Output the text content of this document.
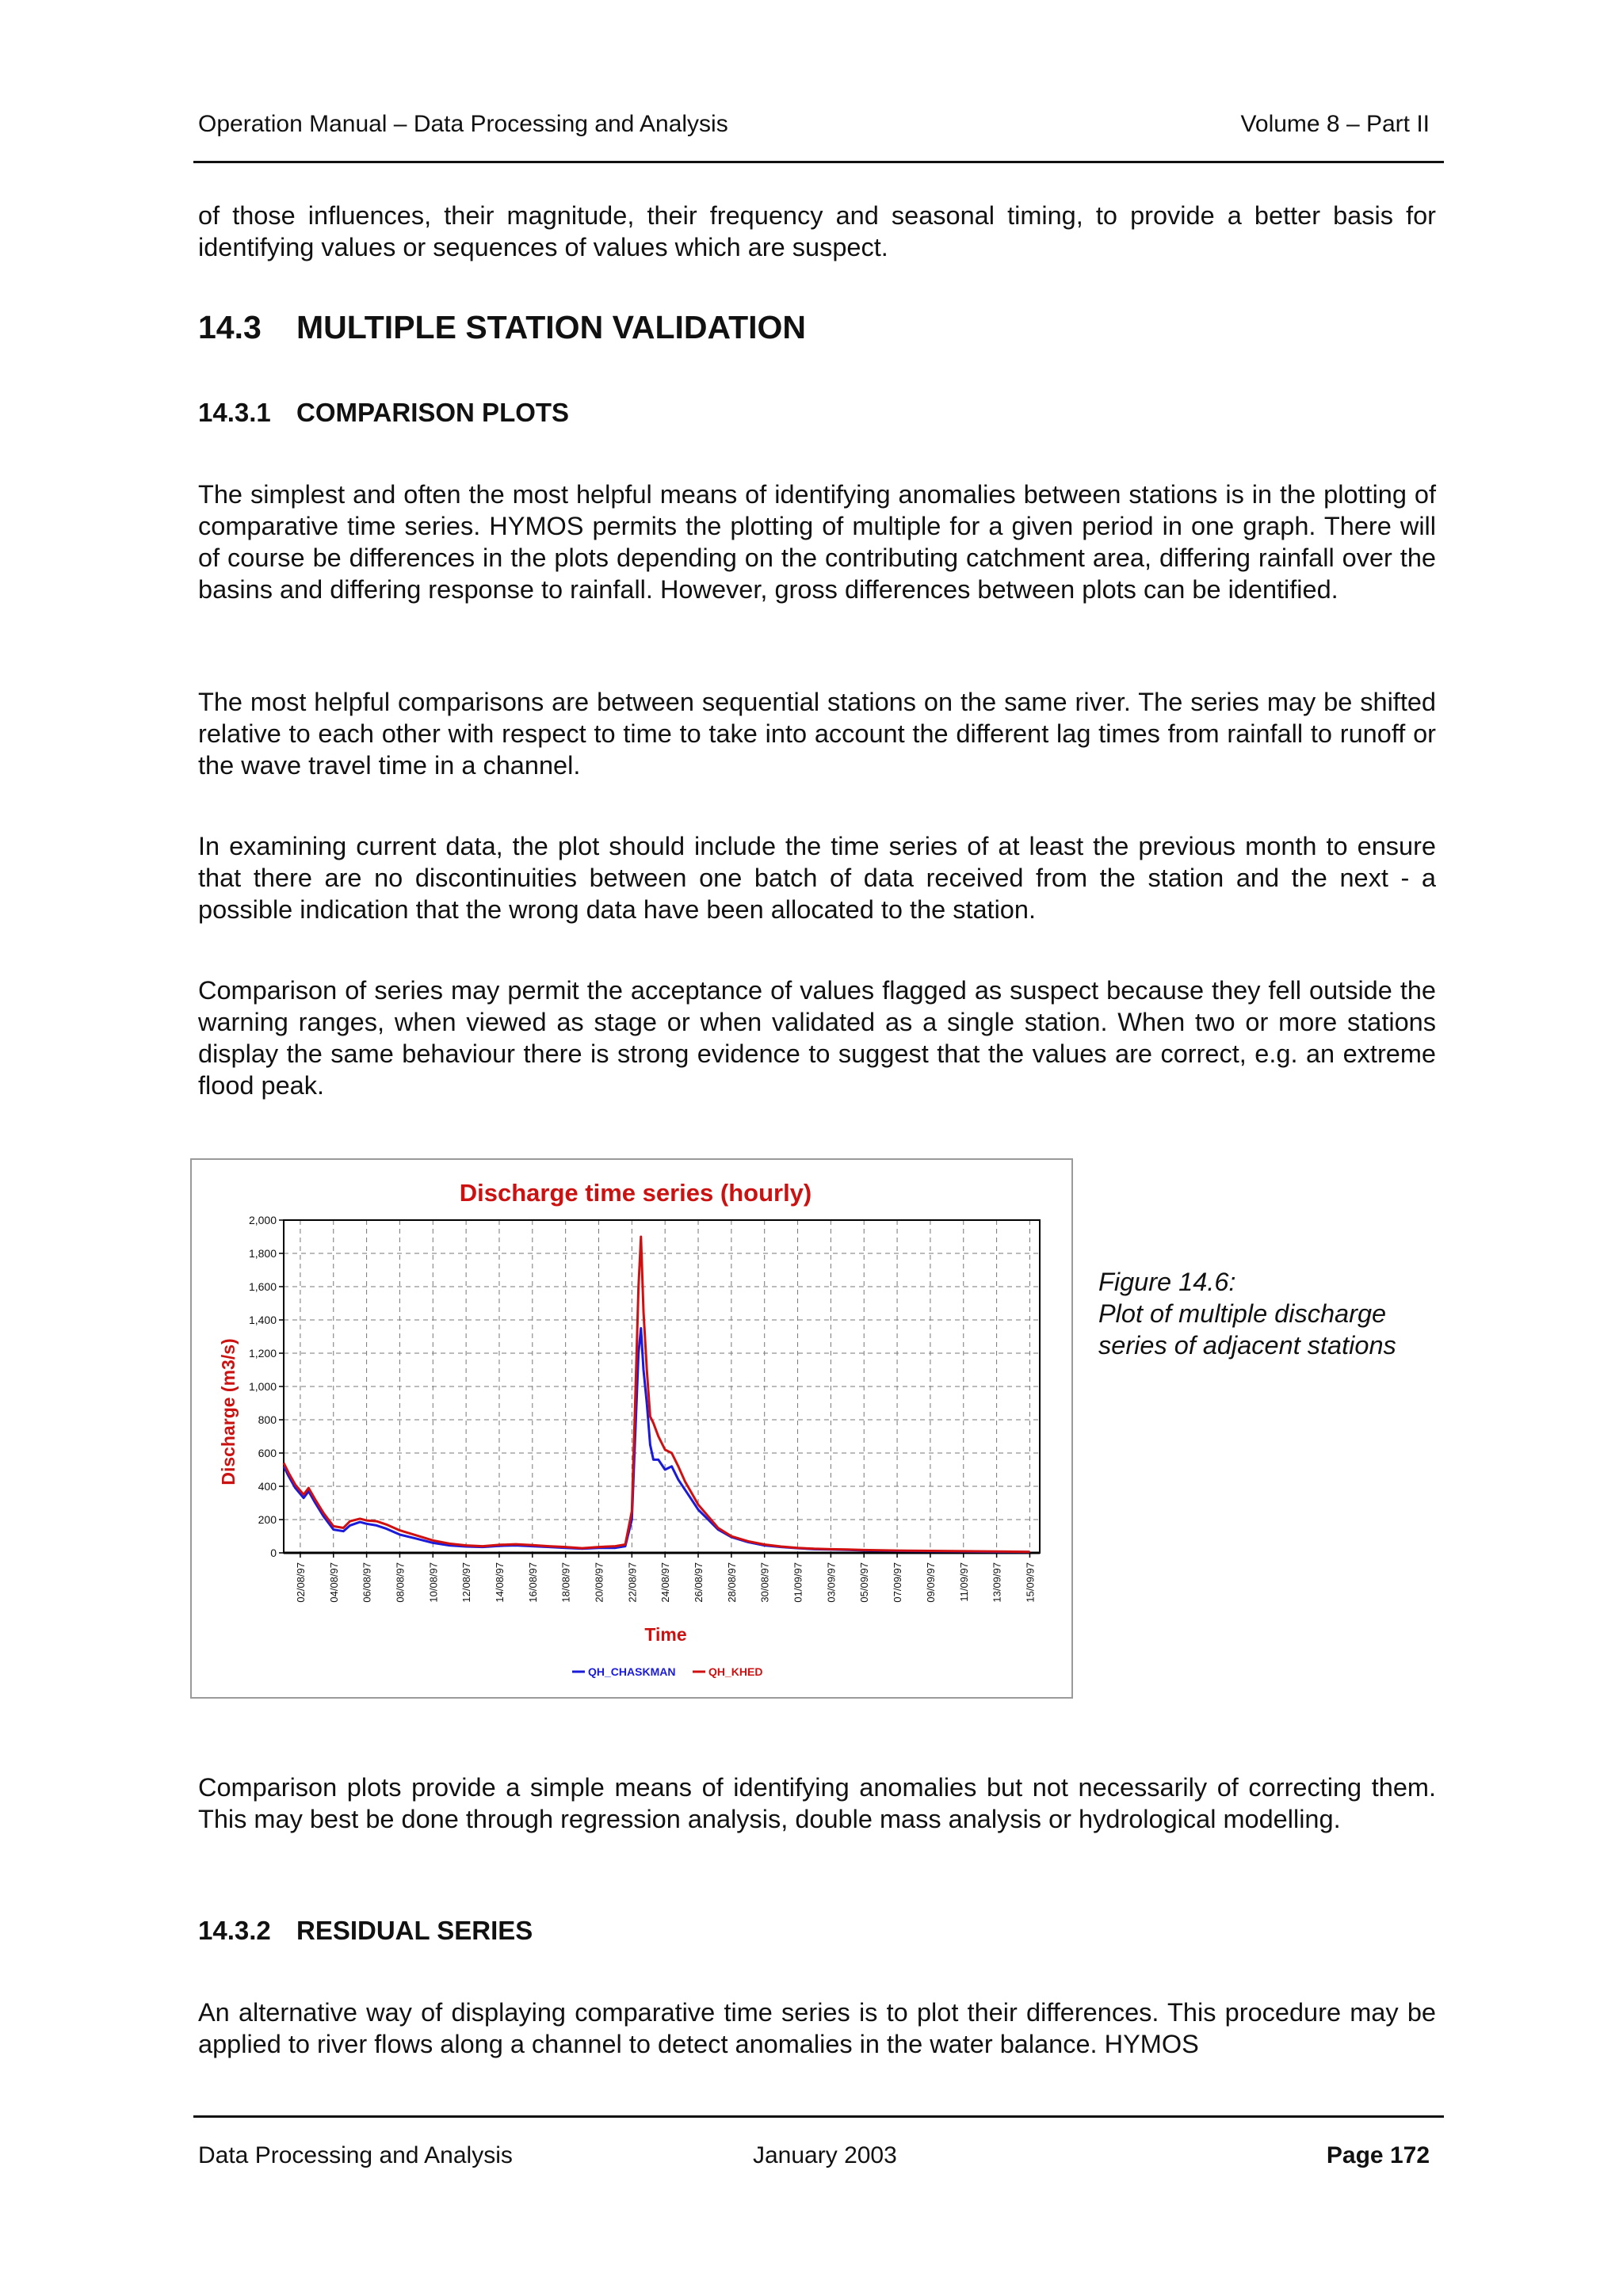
Operation Manual – Data Processing and Analysis	Volume 8 – Part II

of those influences, their magnitude, their frequency and seasonal timing, to provide a better basis for identifying values or sequences of values which are suspect.

14.3 MULTIPLE STATION VALIDATION
14.3.1 COMPARISON PLOTS

The simplest and often the most helpful means of identifying anomalies between stations is in the plotting of comparative time series. HYMOS permits the plotting of multiple for a given period in one graph. There will of course be differences in the plots depending on the contributing catchment area, differing rainfall over the basins and differing response to rainfall. However, gross differences between plots can be identified.

The most helpful comparisons are between sequential stations on the same river. The series may be shifted relative to each other with respect to time to take into account the different lag times from rainfall to runoff or the wave travel time in a channel.

In examining current data, the plot should include the time series of at least the previous month to ensure that there are no discontinuities between one batch of data received from the station and the next - a possible indication that the wrong data have been allocated to the station.

Comparison of series may permit the acceptance of values flagged as suspect because they fell outside the warning ranges, when viewed as stage or when validated as a single station. When two or more stations display the same behaviour there is strong evidence to suggest that the values are correct, e.g. an extreme flood peak.

0
200
400
600
800
1,000
1,200
1,400
1,600
1,800
2,000
02/08/97 04/08/97 06/08/97 08/08/97 10/08/97 12/08/97 14/08/97 16/08/97 18/08/97 20/08/97 22/08/97 24/08/97 26/08/97 28/08/97 30/08/97 01/09/97 03/09/97 05/09/97 07/09/97 09/09/97 11/09/97 13/09/97 15/09/97
Discharge time series (hourly)
Time
Discharge (m3/s)
QH_CHASKMAN	QH_KHED
Figure 14.6:
Plot of multiple discharge
series of adjacent stations

Comparison plots provide a simple means of identifying anomalies but not necessarily of correcting them. This may best be done through regression analysis, double mass analysis or hydrological modelling.

14.3.2 RESIDUAL SERIES

An alternative way of displaying comparative time series is to plot their differences. This procedure may be applied to river flows along a channel to detect anomalies in the water balance. HYMOS

Data Processing and Analysis	January 2003	Page 172
